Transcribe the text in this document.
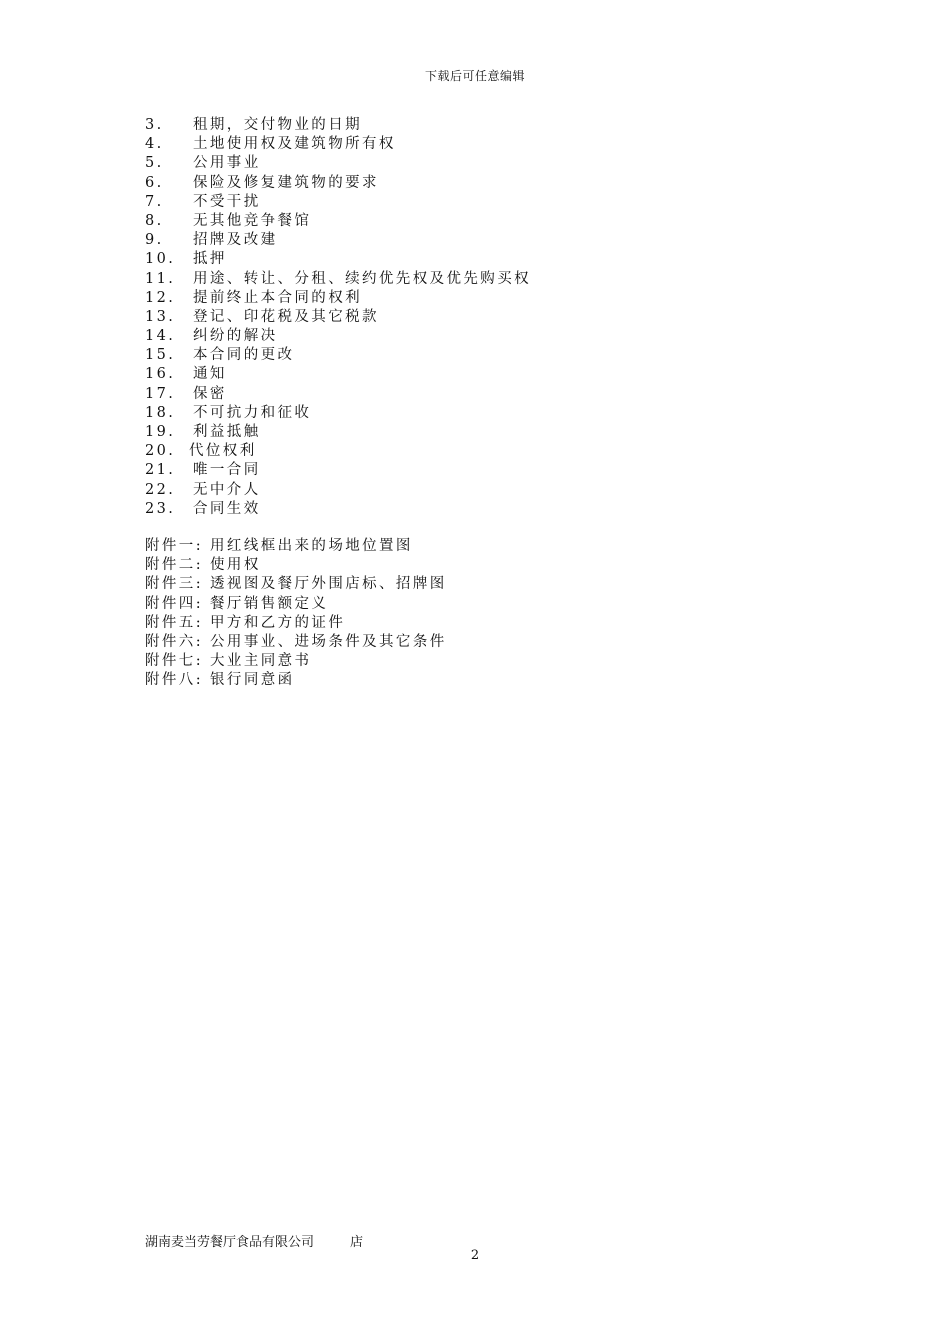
下载后可任意编辑
3. 租期，交付物业的日期
4. 土地使用权及建筑物所有权
5. 公用事业
6. 保险及修复建筑物的要求
7. 不受干扰
8. 无其他竞争餐馆
9. 招牌及改建
10. 抵押
11. 用途、转让、分租、续约优先权及优先购买权
12. 提前终止本合同的权利
13. 登记、印花税及其它税款
14. 纠纷的解决
15. 本合同的更改
16. 通知
17. 保密
18. 不可抗力和征收
19. 利益抵触
20. 代位权利
21. 唯一合同
22. 无中介人
23. 合同生效
附件一: 用红线框出来的场地位置图
附件二: 使用权
附件三: 透视图及餐厅外围店标、招牌图
附件四: 餐厅销售额定义
附件五: 甲方和乙方的证件
附件六: 公用事业、进场条件及其它条件
附件七: 大业主同意书
附件八: 银行同意函
湖南麦当劳餐厅食品有限公司	店
2
